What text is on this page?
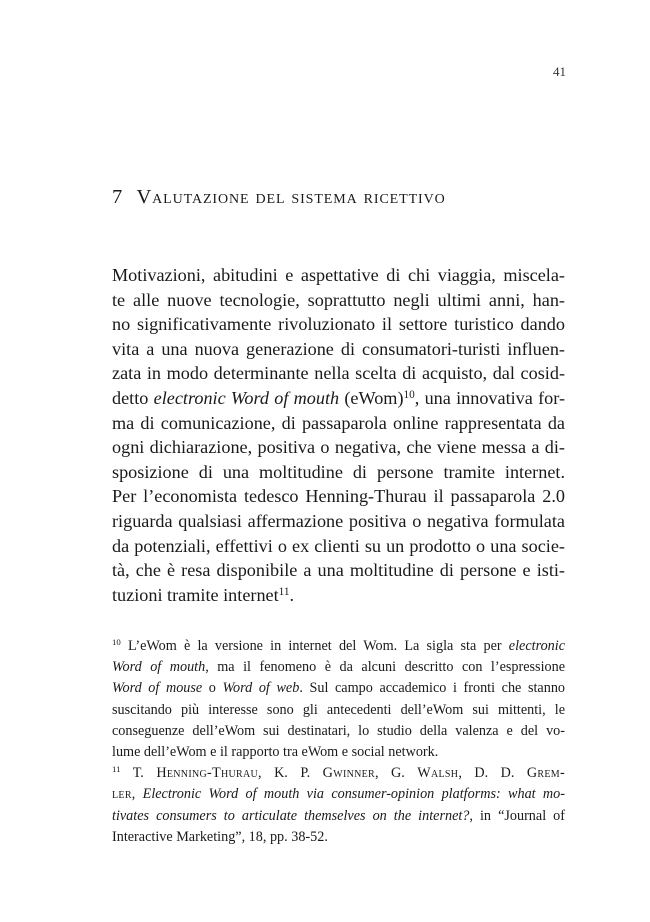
41
7 Valutazione del sistema ricettivo
Motivazioni, abitudini e aspettative di chi viaggia, miscela-
te alle nuove tecnologie, soprattutto negli ultimi anni, han-
no significativamente rivoluzionato il settore turistico dando
vita a una nuova generazione di consumatori-turisti influen-
zata in modo determinante nella scelta di acquisto, dal cosid-
detto electronic Word of mouth (eWom)$^{10}$, una innovativa for-
ma di comunicazione, di passaparola online rappresentata da
ogni dichiarazione, positiva o negativa, che viene messa a di-
sposizione di una moltitudine di persone tramite internet.
Per l’economista tedesco Henning-Thurau il passaparola 2.0
riguarda qualsiasi affermazione positiva o negativa formulata
da potenziali, effettivi o ex clienti su un prodotto o una socie-
tà, che è resa disponibile a una moltitudine di persone e isti-
tuzioni tramite internet$^{11}$.
$^{10}$ L’eWom è la versione in internet del Wom. La sigla sta per electronic
Word of mouth, ma il fenomeno è da alcuni descritto con l’espressione
Word of mouse o Word of web. Sul campo accademico i fronti che stanno
suscitando più interesse sono gli antecedenti dell’eWom sui mittenti, le
conseguenze dell’eWom sui destinatari, lo studio della valenza e del vo-
lume dell’eWom e il rapporto tra eWom e social network.
$^{11}$ T. Henning-Thurau, K. P. Gwinner, G. Walsh, D. D. Grem-
ler, Electronic Word of mouth via consumer-opinion platforms: what mo-
tivates consumers to articulate themselves on the internet?, in “Journal of
Interactive Marketing”, 18, pp. 38-52.
